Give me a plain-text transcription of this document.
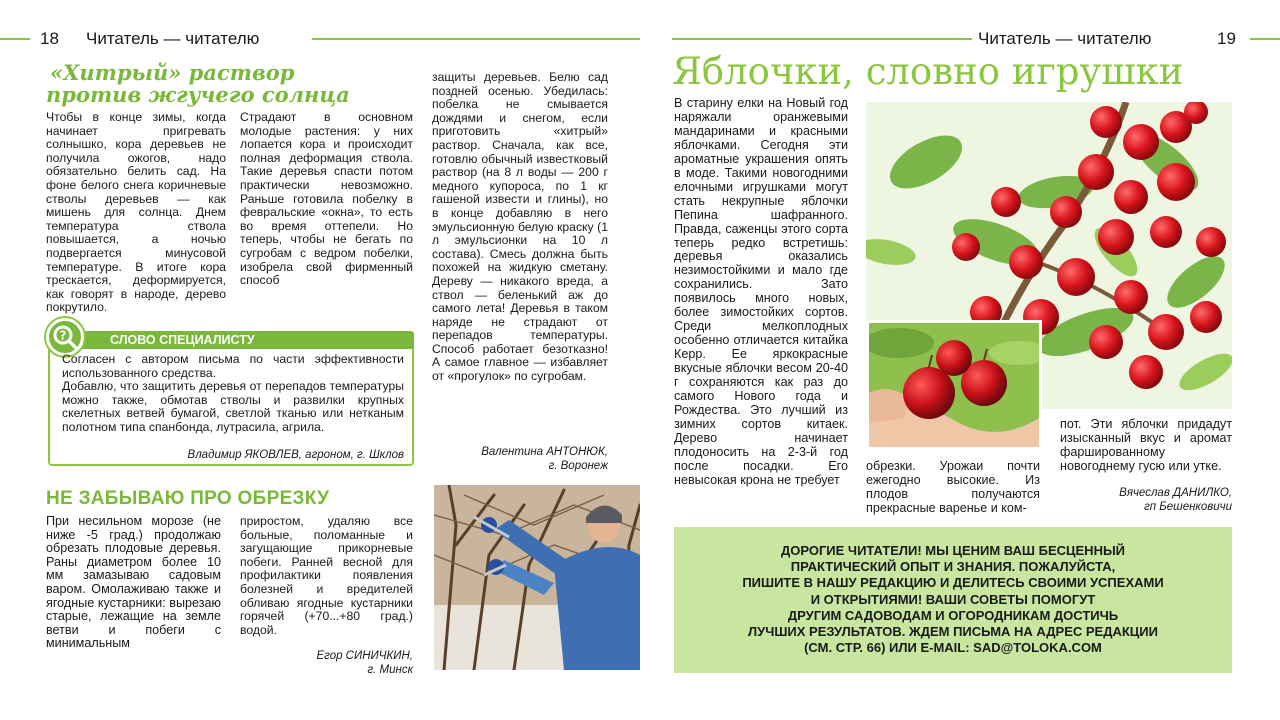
18 Читатель — читателю	Читатель — читателю	19
«Хитрый» раствор
против жгучего солнца

Чтобы в конце зимы, когда начинает пригревать солнышко, кора деревьев не получила ожогов, надо обязательно белить сад. На фоне белого снега коричневые стволы деревьев — как мишень для солнца. Днем температура ствола повышается, а ночью подвергается минусовой температуре. В итоге кора трескается, деформируется, как говорят в народе, дерево покрутило.

Страдают в основном молодые растения: у них лопается кора и происходит полная деформация ствола. Такие деревья спасти потом практически невозможно. Раньше готовила побелку в февральские «окна», то есть во время оттепели. Но теперь, чтобы не бегать по сугробам с ведром побелки, изобрела свой фирменный способ

защиты деревьев. Белю сад поздней осенью. Убедилась: побелка не смывается дождями и снегом, если приготовить «хитрый» раствор. Сначала, как все, готовлю обычный известковый раствор (на 8 л воды — 200 г медного купороса, по 1 кг гашеной извести и глины), но в конце добавляю в него эмульсионную белую краску (1 л эмульсионки на 10 л состава). Смесь должна быть похожей на жидкую сметану. Дереву — никакого вреда, а ствол — беленький аж до самого лета! Деревья в таком наряде не страдают от перепадов температуры. Способ работает безотказно! А самое главное — избавляет от «прогулок» по сугробам.

Валентина АНТОНЮК,
г. Воронеж
СЛОВО СПЕЦИАЛИСТУ
?

Согласен с автором письма по части эффективности использованного средства.

Добавлю, что защитить деревья от перепадов температуры можно также, обмотав стволы и развилки крупных скелетных ветвей бумагой, светлой тканью или нетканым полотном типа спанбонда, лутрасила, агрила.

Владимир ЯКОВЛЕВ, агроном, г. Шклов
НЕ ЗАБЫВАЮ ПРО ОБРЕЗКУ

При несильном морозе (не ниже -5 град.) продолжаю обрезать плодовые деревья. Раны диаметром более 10 мм замазываю садовым варом. Омолаживаю также и ягодные кустарники: вырезаю старые, лежащие на земле ветви и побеги с минимальным

приростом, удаляю все больные, поломанные и загущающие прикорневые побеги. Ранней весной для профилактики появления болезней и вредителей обливаю ягодные кустарники горячей (+70...+80 град.) водой.

Егор СИНИЧКИН,
г. Минск
Яблочки, словно игрушки

В старину елки на Новый год наряжали оранжевыми мандаринами и красными яблочками. Сегодня эти ароматные украшения опять в моде. Такими новогодними елочными игрушками могут стать некрупные яблочки Пепина шафранного. Правда, саженцы этого сорта теперь редко встретишь: деревья оказались незимостойкими и мало где сохранились. Зато появилось много новых, более зимостойких сортов. Среди мелкоплодных особенно отличается китайка Керр. Ее яркокрасные вкусные яблочки весом 20-40 г сохраняются как раз до самого Нового года и Рождества. Это лучший из зимних сортов китаек. Дерево начинает плодоносить на 2-3-й год после посадки. Его невысокая крона не требует

обрезки. Урожаи почти ежегодно высокие. Из плодов получаются прекрасные варенье и ком-

пот. Эти яблочки придадут изысканный вкус и аромат фаршированному новогоднему гусю или утке.

Вячеслав ДАНИЛКО,
гп Бешенковичи
ДОРОГИЕ ЧИТАТЕЛИ! МЫ ЦЕНИМ ВАШ БЕСЦЕННЫЙ
ПРАКТИЧЕСКИЙ ОПЫТ И ЗНАНИЯ. ПОЖАЛУЙСТА,
ПИШИТЕ В НАШУ РЕДАКЦИЮ И ДЕЛИТЕСЬ СВОИМИ УСПЕХАМИ
И ОТКРЫТИЯМИ! ВАШИ СОВЕТЫ ПОМОГУТ
ДРУГИМ САДОВОДАМ И ОГОРОДНИКАМ ДОСТИЧЬ
ЛУЧШИХ РЕЗУЛЬТАТОВ. ЖДЕМ ПИСЬМА НА АДРЕС РЕДАКЦИИ
(СМ. СТР. 66) ИЛИ E-MAIL: SAD@TOLOKA.COM
